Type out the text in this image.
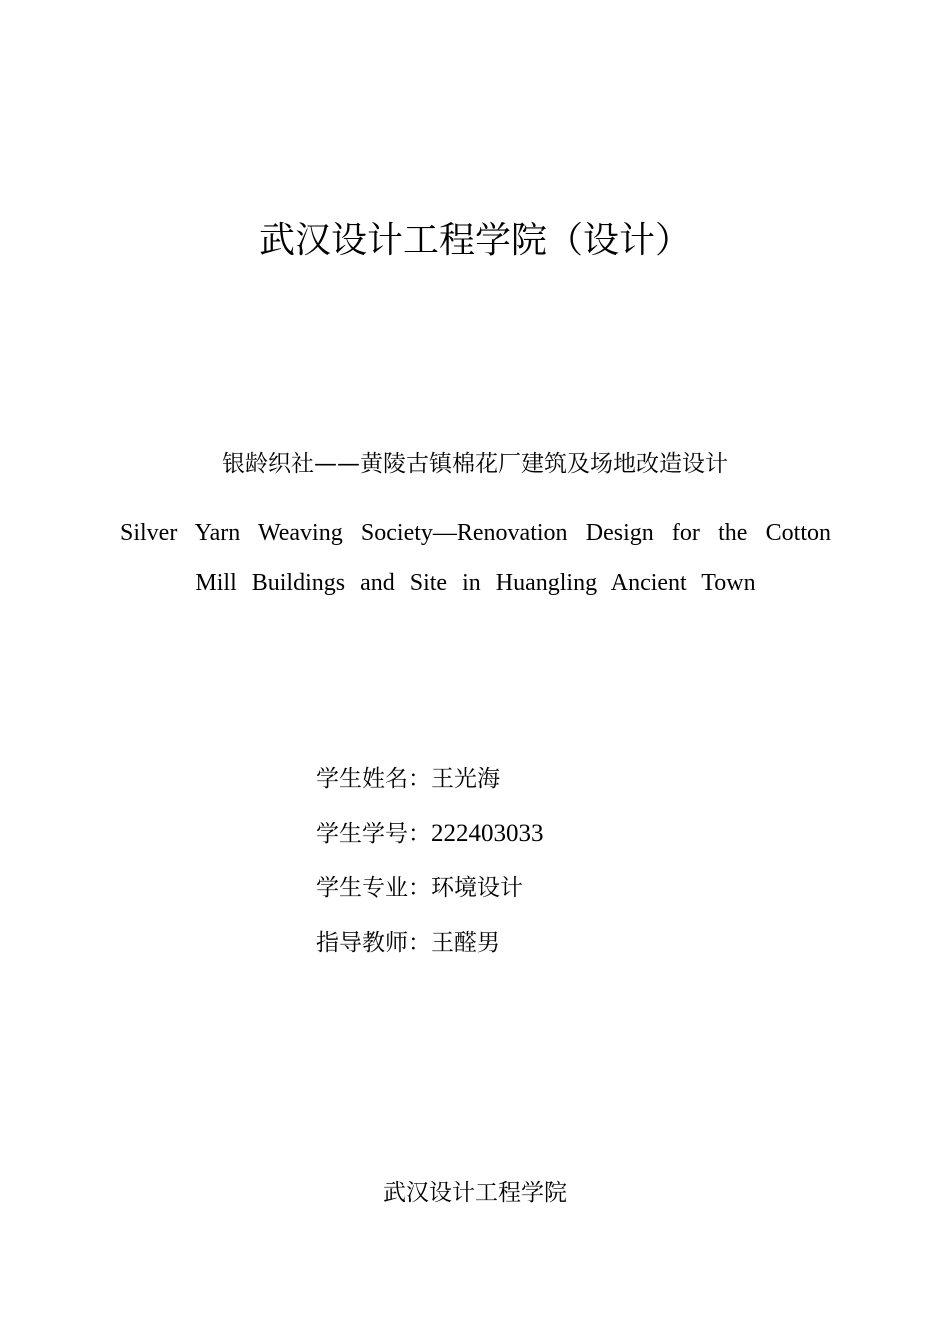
武汉设计工程学院（设计）
银龄织社——黄陵古镇棉花厂建筑及场地改造设计
Silver Yarn Weaving Society—Renovation Design for the Cotton
Mill Buildings and Site in Huangling Ancient Town
学生姓名：王光海
学生学号：222403033
学生专业：环境设计
指导教师：王醛男
武汉设计工程学院
